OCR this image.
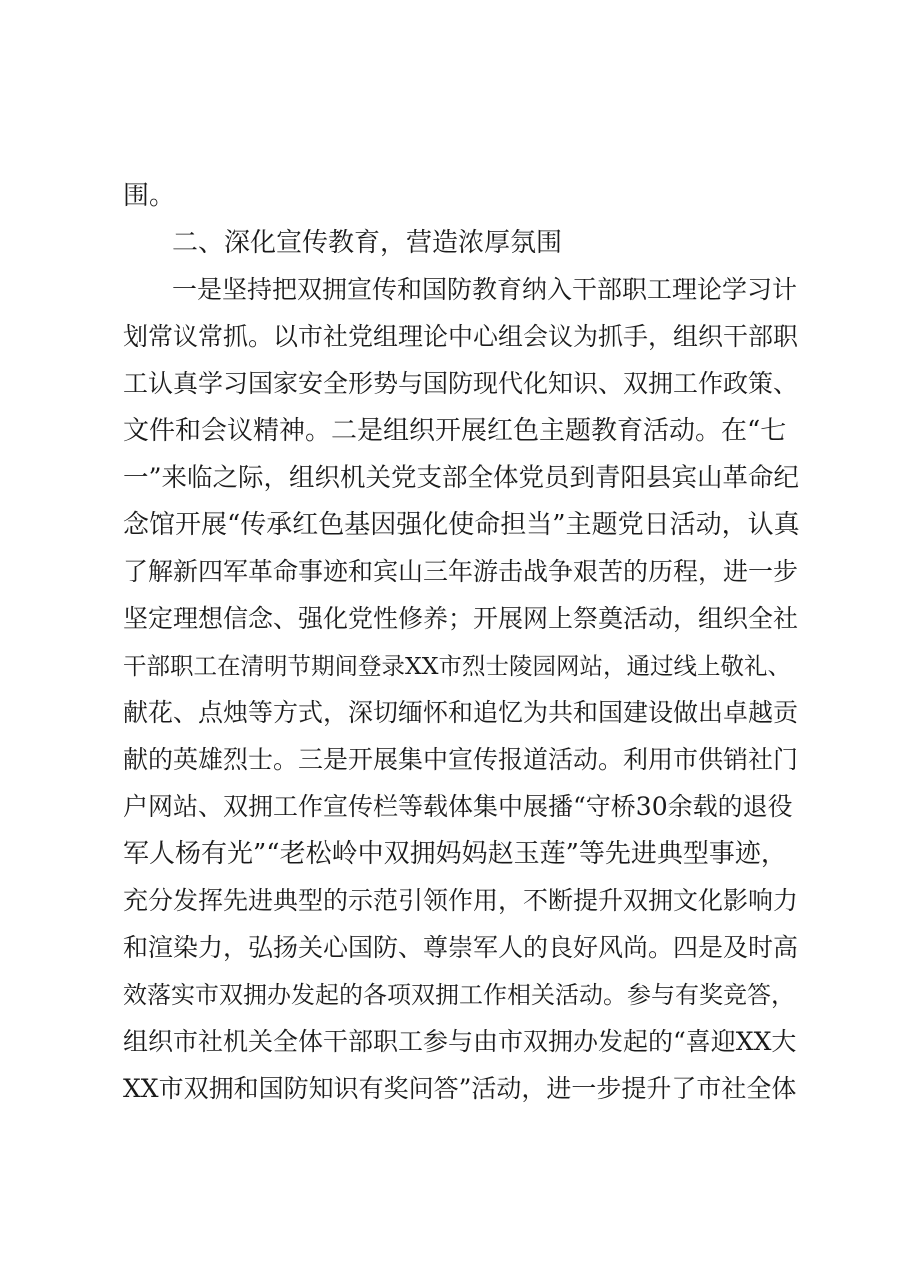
围。
二、深化宣传教育，营造浓厚氛围
一是坚持把双拥宣传和国防教育纳入干部职工理论学习计
划常议常抓。以市社党组理论中心组会议为抓手，组织干部职
工认真学习国家安全形势与国防现代化知识、双拥工作政策、
文件和会议精神。二是组织开展红色主题教育活动。在“七
一”来临之际，组织机关党支部全体党员到青阳县宾山革命纪
念馆开展“传承红色基因强化使命担当”主题党日活动，认真
了解新四军革命事迹和宾山三年游击战争艰苦的历程，进一步
坚定理想信念、强化党性修养；开展网上祭奠活动，组织全社
干部职工在清明节期间登录XX市烈士陵园网站，通过线上敬礼、
献花、点烛等方式，深切缅怀和追忆为共和国建设做出卓越贡
献的英雄烈士。三是开展集中宣传报道活动。利用市供销社门
户网站、双拥工作宣传栏等载体集中展播“守桥30余载的退役
军人杨有光”“老松岭中双拥妈妈赵玉莲”等先进典型事迹，
充分发挥先进典型的示范引领作用，不断提升双拥文化影响力
和渲染力，弘扬关心国防、尊崇军人的良好风尚。四是及时高
效落实市双拥办发起的各项双拥工作相关活动。参与有奖竞答，
组织市社机关全体干部职工参与由市双拥办发起的“喜迎XX大
XX市双拥和国防知识有奖问答”活动，进一步提升了市社全体
